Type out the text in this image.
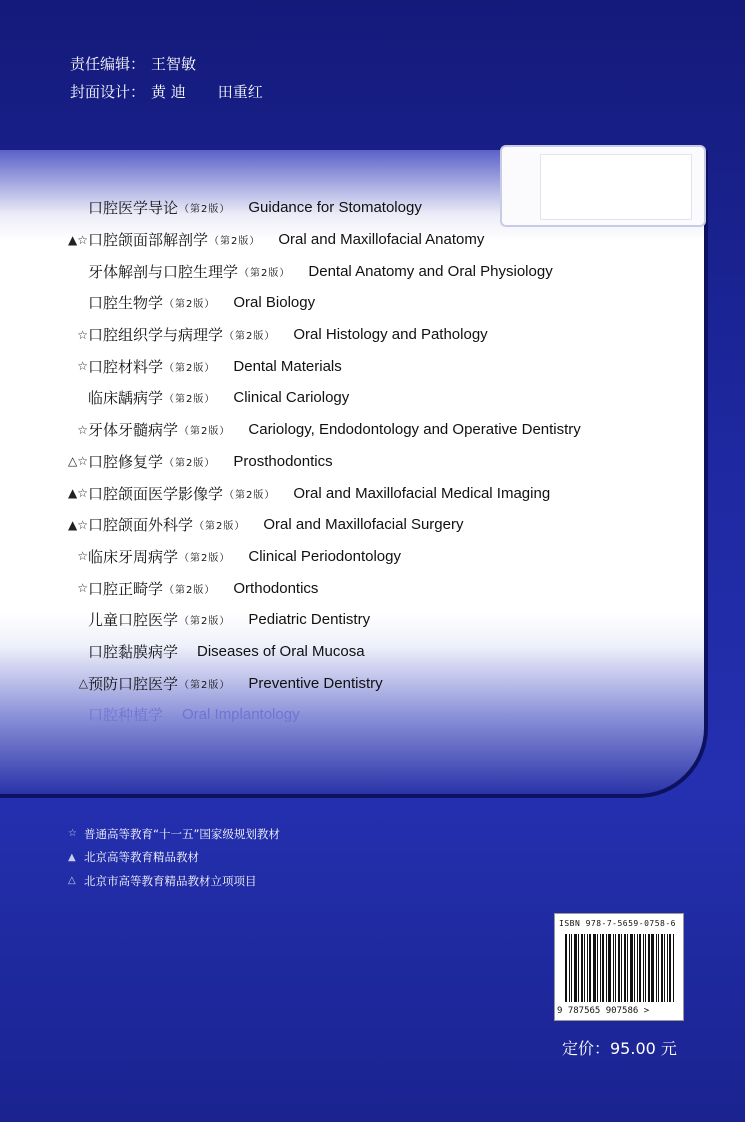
责任编辑： 王智敏
封面设计： 黄 迪 田重红
口腔医学导论 （第2版） Guidance for Stomatology
▲☆ 口腔颌面部解剖学 （第2版） Oral and Maxillofacial Anatomy
牙体解剖与口腔生理学 （第2版） Dental Anatomy and Oral Physiology
口腔生物学 （第2版） Oral Biology
☆ 口腔组织学与病理学 （第2版） Oral Histology and Pathology
☆ 口腔材料学 （第2版） Dental Materials
临床龋病学 （第2版） Clinical Cariology
☆ 牙体牙髓病学 （第2版） Cariology, Endodontology and Operative Dentistry
△☆ 口腔修复学 （第2版） Prosthodontics
▲☆ 口腔颌面医学影像学 （第2版） Oral and Maxillofacial Medical Imaging
▲☆ 口腔颌面外科学 （第2版） Oral and Maxillofacial Surgery
☆ 临床牙周病学 （第2版） Clinical Periodontology
☆ 口腔正畸学 （第2版） Orthodontics
儿童口腔医学 （第2版） Pediatric Dentistry
口腔黏膜病学 Diseases of Oral Mucosa
△ 预防口腔医学 （第2版） Preventive Dentistry
口腔种植学 Oral Implantology
☆ 普通高等教育“十一五”国家级规划教材
▲ 北京高等教育精品教材
△ 北京市高等教育精品教材立项项目
ISBN 978-7-5659-0758-6
9 787565 907586 >
定价：95.00 元
